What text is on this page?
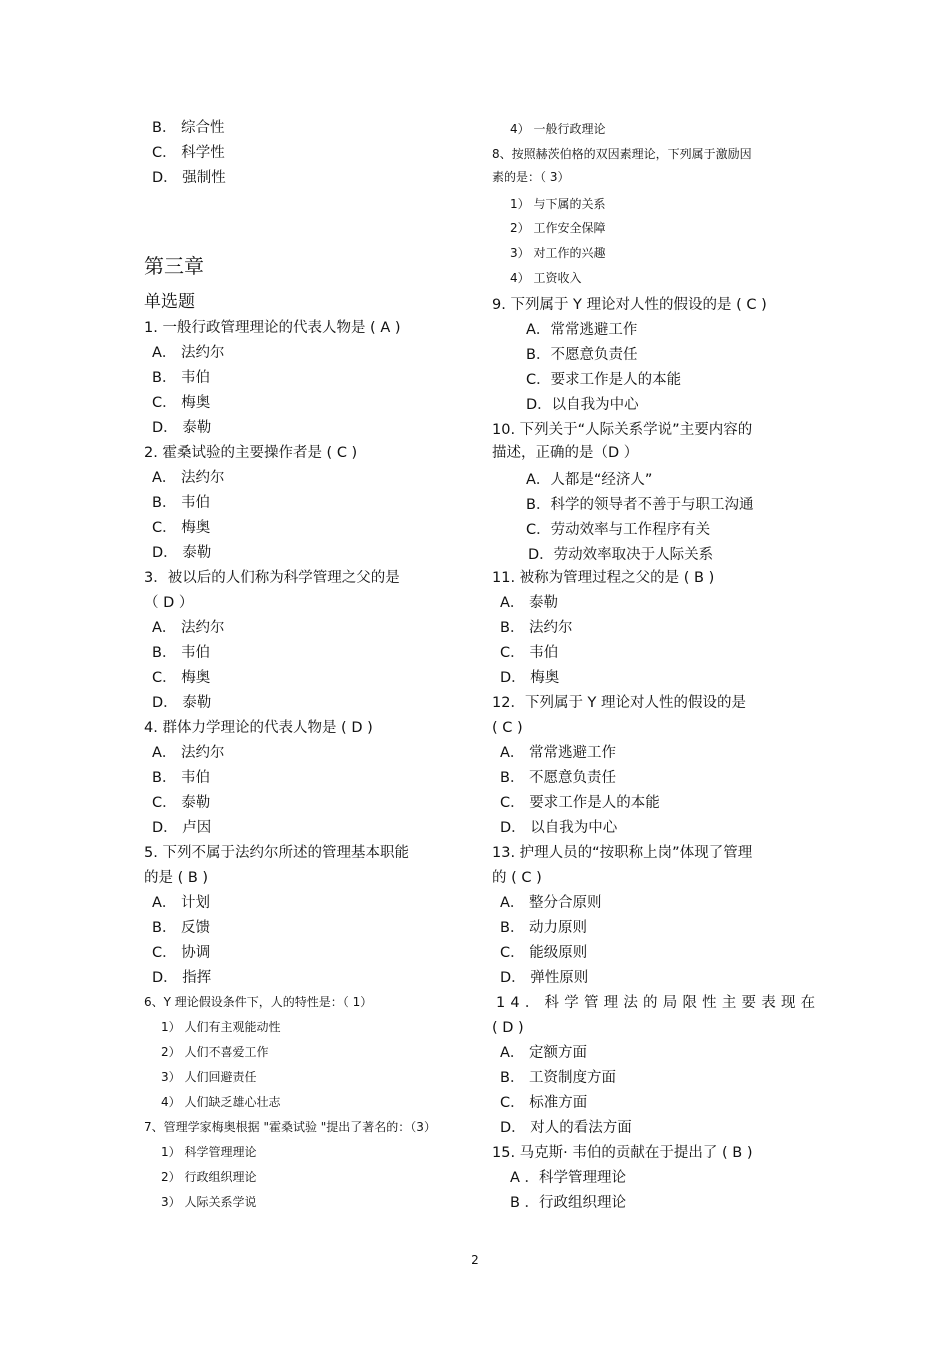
B． 综合性
C． 科学性
D． 强制性
第三章
单选题
1. 一般行政管理理论的代表人物是 ( A )
A． 法约尔
B． 韦伯
C． 梅奥
D． 泰勒
2. 霍桑试验的主要操作者是 ( C )
A． 法约尔
B． 韦伯
C． 梅奥
D． 泰勒
3．被以后的人们称为科学管理之父的是
（ D ）
A． 法约尔
B． 韦伯
C． 梅奥
D． 泰勒
4. 群体力学理论的代表人物是 ( D )
A． 法约尔
B． 韦伯
C． 泰勒
D． 卢因
5. 下列不属于法约尔所述的管理基本职能
的是 ( B )
A． 计划
B． 反馈
C． 协调
D． 指挥
6、Y 理论假设条件下，人的特性是：（ 1）
1） 人们有主观能动性
2） 人们不喜爱工作
3） 人们回避责任
4） 人们缺乏雄心壮志
7、管理学家梅奥根据 "霍桑试验 "提出了著名的：（3）
1） 科学管理理论
2） 行政组织理论
3） 人际关系学说
4） 一般行政理论
8、按照赫茨伯格的双因素理论，下列属于激励因
素的是：（ 3）
1） 与下属的关系
2） 工作安全保障
3） 对工作的兴趣
4） 工资收入
9. 下列属于 Y 理论对人性的假设的是 ( C )
A．常常逃避工作
B．不愿意负责任
C．要求工作是人的本能
D．以自我为中心
10. 下列关于“人际关系学说”主要内容的
描述，正确的是（D ）
A．人都是“经济人”
B．科学的领导者不善于与职工沟通
C．劳动效率与工作程序有关
D．劳动效率取决于人际关系
11. 被称为管理过程之父的是 ( B )
A． 泰勒
B． 法约尔
C． 韦伯
D． 梅奥
12．下列属于 Y 理论对人性的假设的是
( C )
A． 常常逃避工作
B． 不愿意负责任
C． 要求工作是人的本能
D． 以自我为中心
13. 护理人员的“按职称上岗”体现了管理
的 ( C )
A． 整分合原则
B． 动力原则
C． 能级原则
D． 弹性原则
14．科学管理法的局限性主要表现在
( D )
A． 定额方面
B． 工资制度方面
C． 标准方面
D． 对人的看法方面
15. 马克斯· 韦伯的贡献在于提出了 ( B )
A ．科学管理理论
B ．行政组织理论
2
